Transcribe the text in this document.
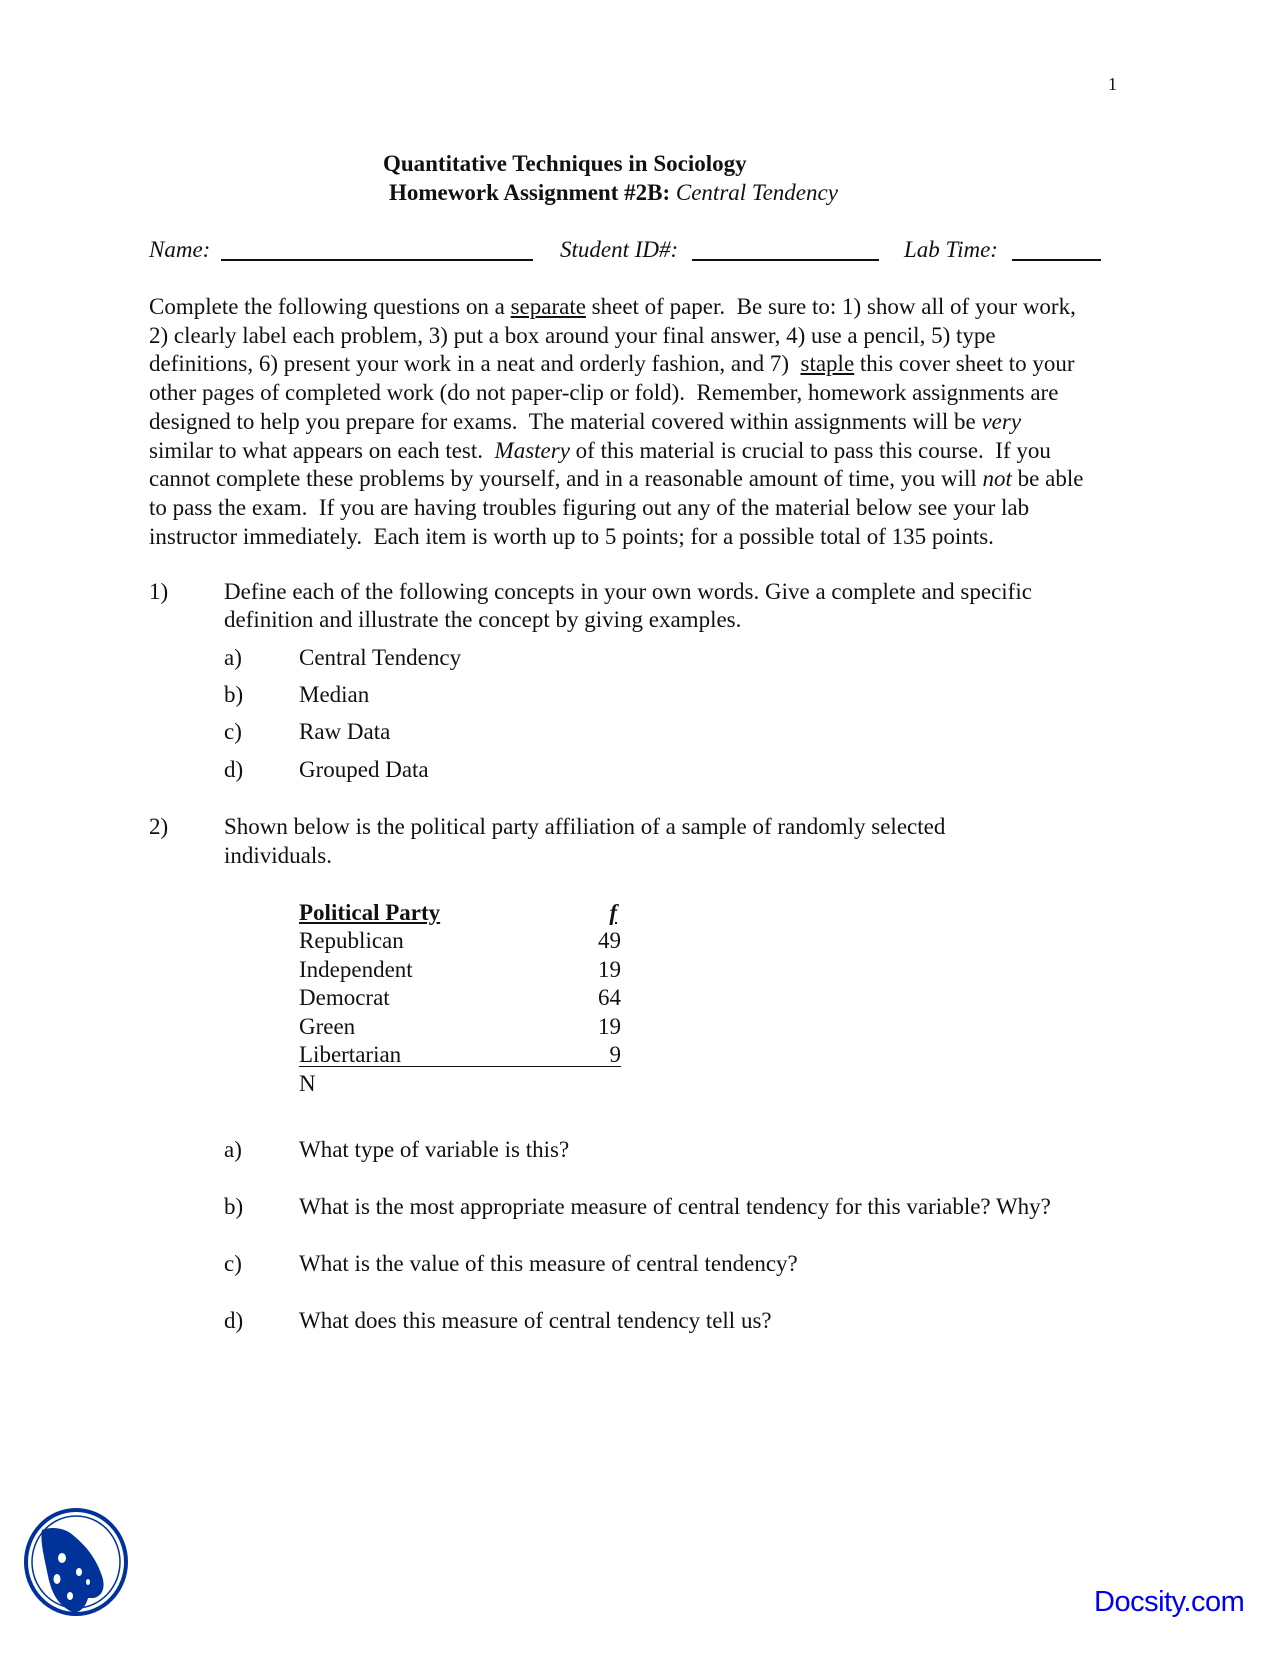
1
Quantitative Techniques in Sociology
Homework Assignment #2B: Central Tendency
Name:	Student ID#:	Lab Time:
Complete the following questions on a separate sheet of paper.  Be sure to: 1) show all of your work,
2) clearly label each problem, 3) put a box around your final answer, 4) use a pencil, 5) type
definitions, 6) present your work in a neat and orderly fashion, and 7)  staple this cover sheet to your
other pages of completed work (do not paper-clip or fold).  Remember, homework assignments are
designed to help you prepare for exams.  The material covered within assignments will be very
similar to what appears on each test.  Mastery of this material is crucial to pass this course.  If you
cannot complete these problems by yourself, and in a reasonable amount of time, you will not be able
to pass the exam.  If you are having troubles figuring out any of the material below see your lab
instructor immediately.  Each item is worth up to 5 points; for a possible total of 135 points.
1) Define each of the following concepts in your own words. Give a complete and specific
definition and illustrate the concept by giving examples.
a) Central Tendency
b) Median
c) Raw Data
d) Grouped Data
2) Shown below is the political party affiliation of a sample of randomly selected
individuals.
Political Party	f
Republican	49
Independent	19
Democrat	64
Green	19
Libertarian	9
N
a) What type of variable is this?
b) What is the most appropriate measure of central tendency for this variable? Why?
c) What is the value of this measure of central tendency?
d) What does this measure of central tendency tell us?
Docsity.com
